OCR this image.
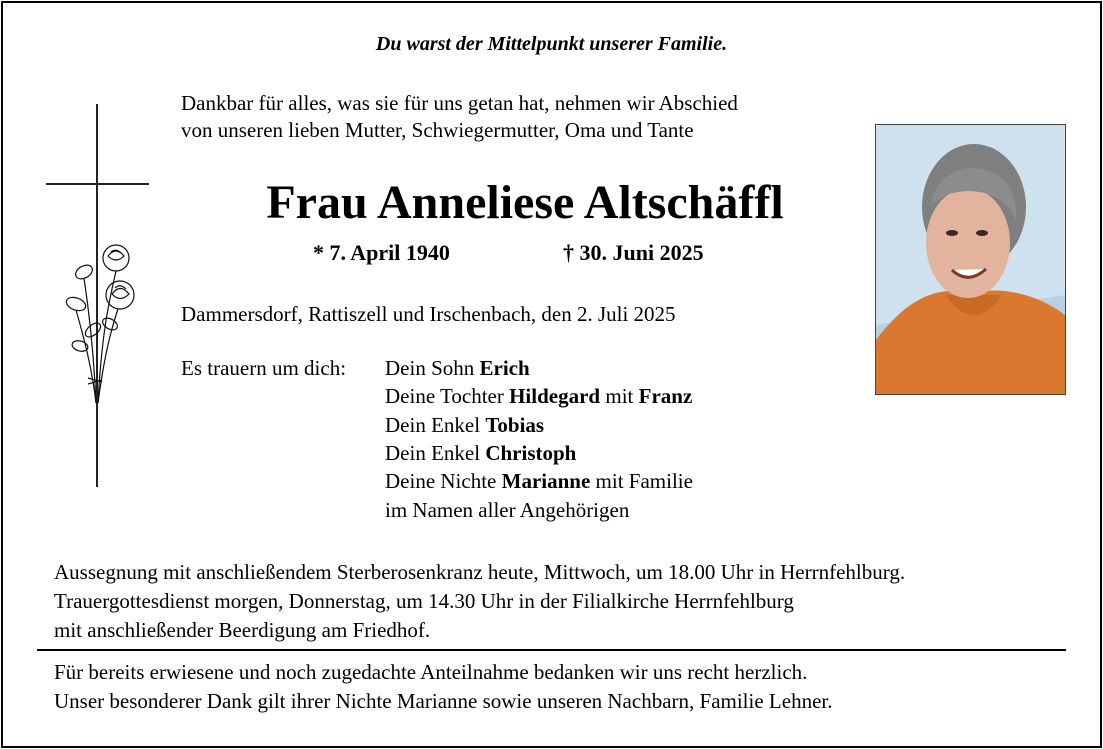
Du warst der Mittelpunkt unserer Familie.
Dankbar für alles, was sie für uns getan hat, nehmen wir Abschied
von unseren lieben Mutter, Schwiegermutter, Oma und Tante
Frau Anneliese Altschäffl
* 7. April 1940	† 30. Juni 2025
Dammersdorf, Rattiszell und Irschenbach, den 2. Juli 2025
Es trauern um dich: Dein Sohn Erich
Deine Tochter Hildegard mit Franz
Dein Enkel Tobias
Dein Enkel Christoph
Deine Nichte Marianne mit Familie
im Namen aller Angehörigen
Aussegnung mit anschließendem Sterberosenkranz heute, Mittwoch, um 18.00 Uhr in Herrnfehlburg.
Trauergottesdienst morgen, Donnerstag, um 14.30 Uhr in der Filialkirche Herrnfehlburg
mit anschließender Beerdigung am Friedhof.
Für bereits erwiesene und noch zugedachte Anteilnahme bedanken wir uns recht herzlich.
Unser besonderer Dank gilt ihrer Nichte Marianne sowie unseren Nachbarn, Familie Lehner.
